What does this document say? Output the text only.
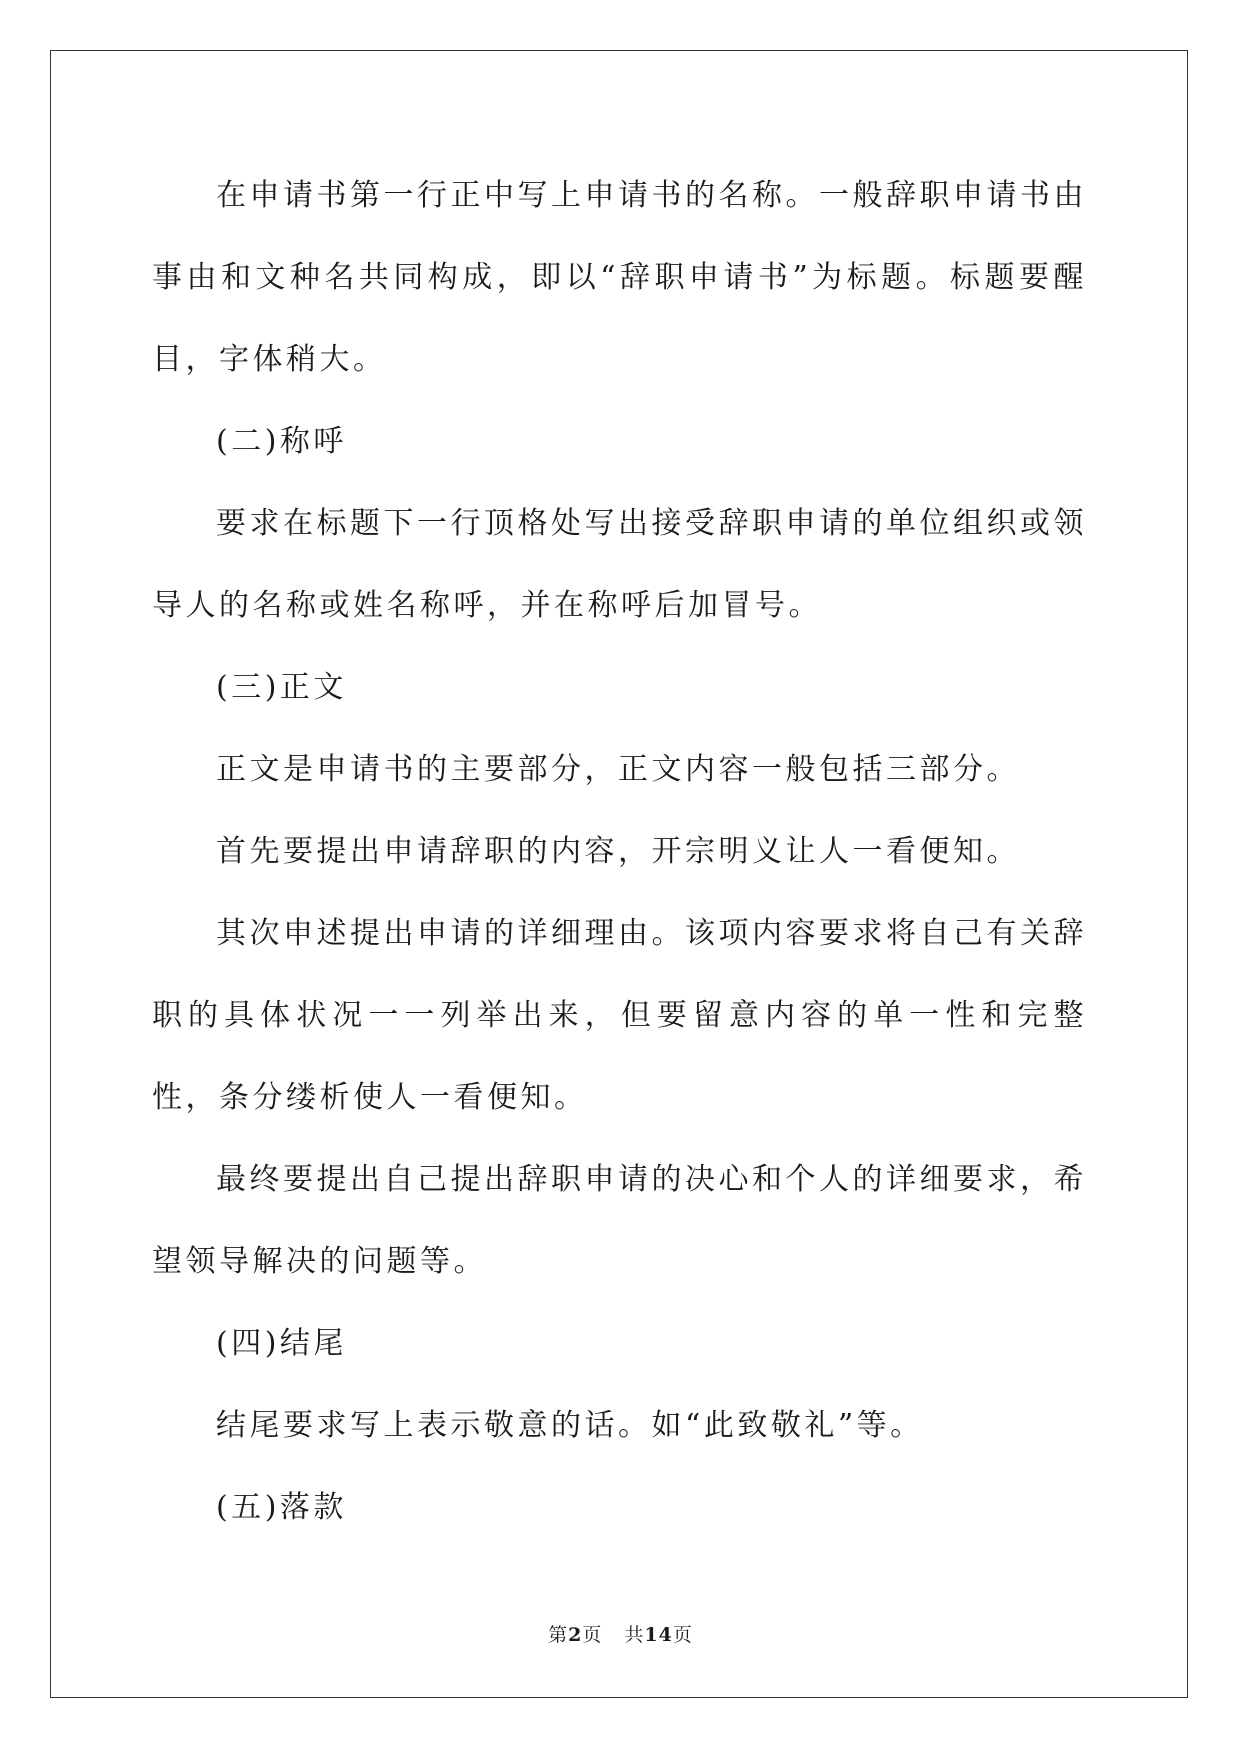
在申请书第一行正中写上申请书的名称。一般辞职申请书由事由和文种名共同构成，即以“辞职申请书”为标题。标题要醒目，字体稍大。

(二)称呼

要求在标题下一行顶格处写出接受辞职申请的单位组织或领导人的名称或姓名称呼，并在称呼后加冒号。

(三)正文

正文是申请书的主要部分，正文内容一般包括三部分。

首先要提出申请辞职的内容，开宗明义让人一看便知。

其次申述提出申请的详细理由。该项内容要求将自己有关辞职的具体状况一一列举出来，但要留意内容的单一性和完整性，条分缕析使人一看便知。

最终要提出自己提出辞职申请的决心和个人的详细要求，希望领导解决的问题等。

(四)结尾

结尾要求写上表示敬意的话。如“此致敬礼”等。

(五)落款

第2页 共14页
